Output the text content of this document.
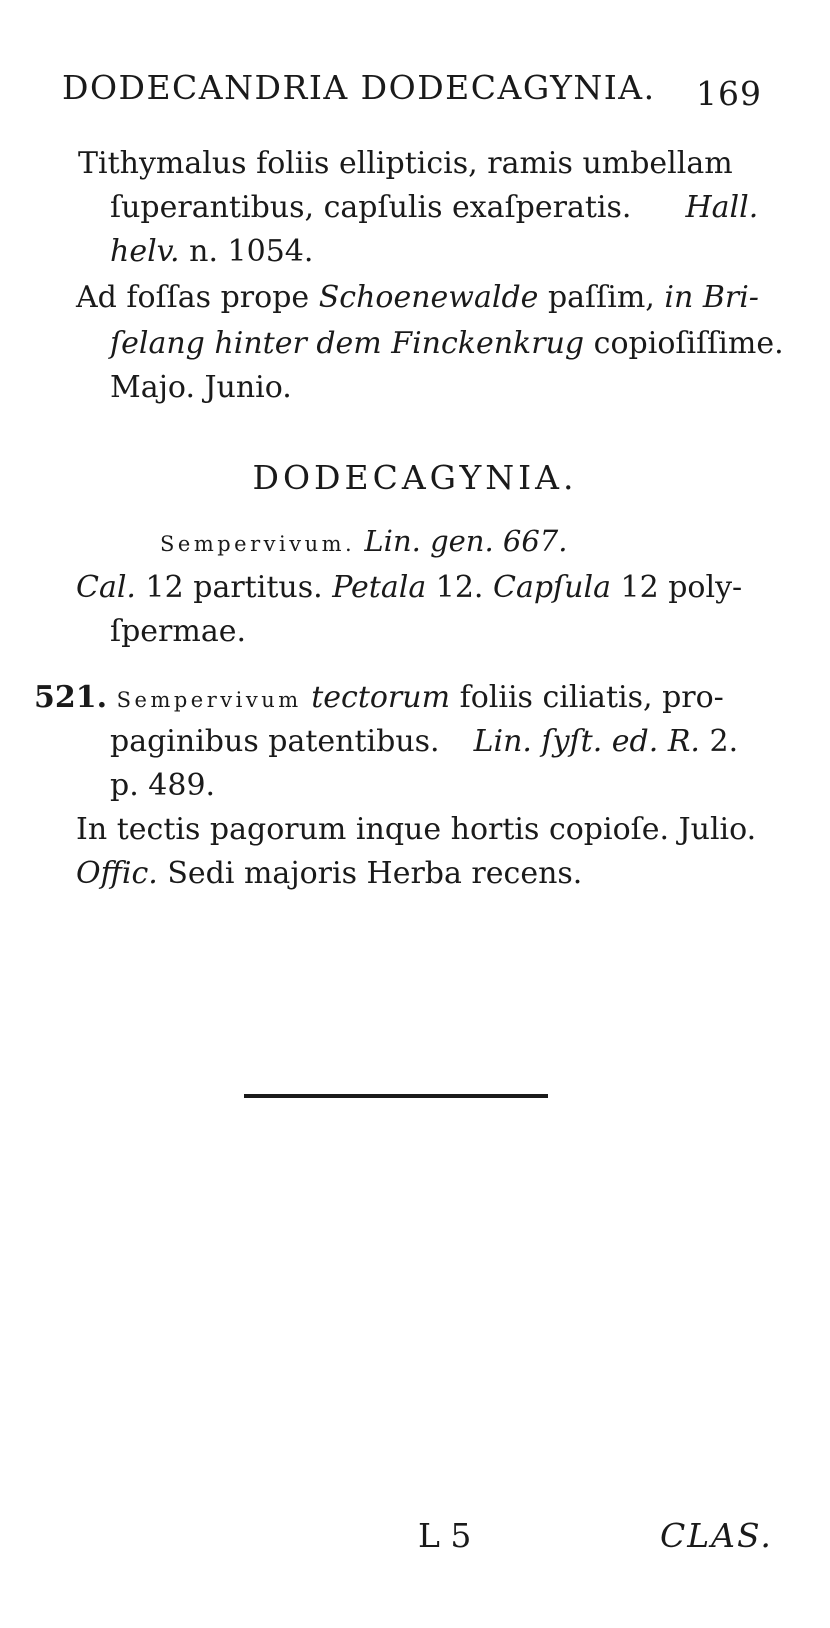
DODECANDRIA DODECAGYNIA. 169
Tithymalus foliis ellipticis, ramis umbellam
ſuperantibus, capſulis exaſperatis. Hall.
helv. n. 1054.
Ad foſſas prope Schoenewalde paſſim, in Bri-
ſelang hinter dem Finckenkrug copioſiſſime.
Majo. Junio.
DODECAGYNIA.
Sempervivum. Lin. gen. 667.
Cal. 12 partitus. Petala 12. Capſula 12 poly-
ſpermae.
521. Sempervivum tectorum foliis ciliatis, pro-
paginibus patentibus. Lin. ſyſt. ed. R. 2.
p. 489.
In tectis pagorum inque hortis copioſe. Julio.
Offic. Sedi majoris Herba recens.
L 5	CLAS.
